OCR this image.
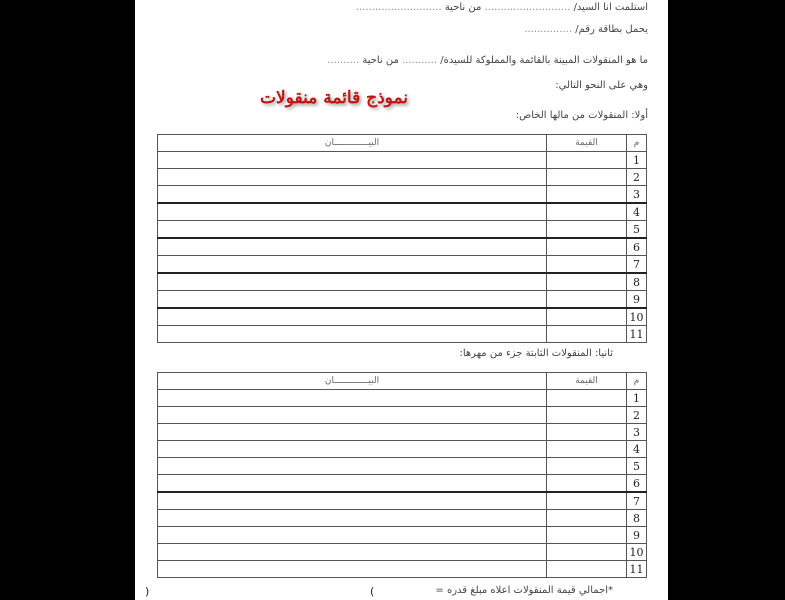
استلمت انا السيد/ ........................... من ناحية ...........................
يحمل بطاقة رقم/ ...............
ما هو المنقولات المبينة بالقائمة والمملوكة للسيدة/ ........... من ناحية ..........
وهي على النحو التالي:
نموذج قائمة منقولات
أولا: المنقولات من مالها الخاص:
م	القيمة	البيـــــــــــــان
1		
2		
3		
4		
5		
6		
7		
8		
9		
10		
11		
ثانيا: المنقولات الثابتة جزء من مهرها:
م	القيمة	البيـــــــــــــان
1		
2		
3		
4		
5		
6		
7		
8		
9		
10		
11		
*اجمالي قيمة المنقولات اعلاه مبلغ قدره =
(
)
